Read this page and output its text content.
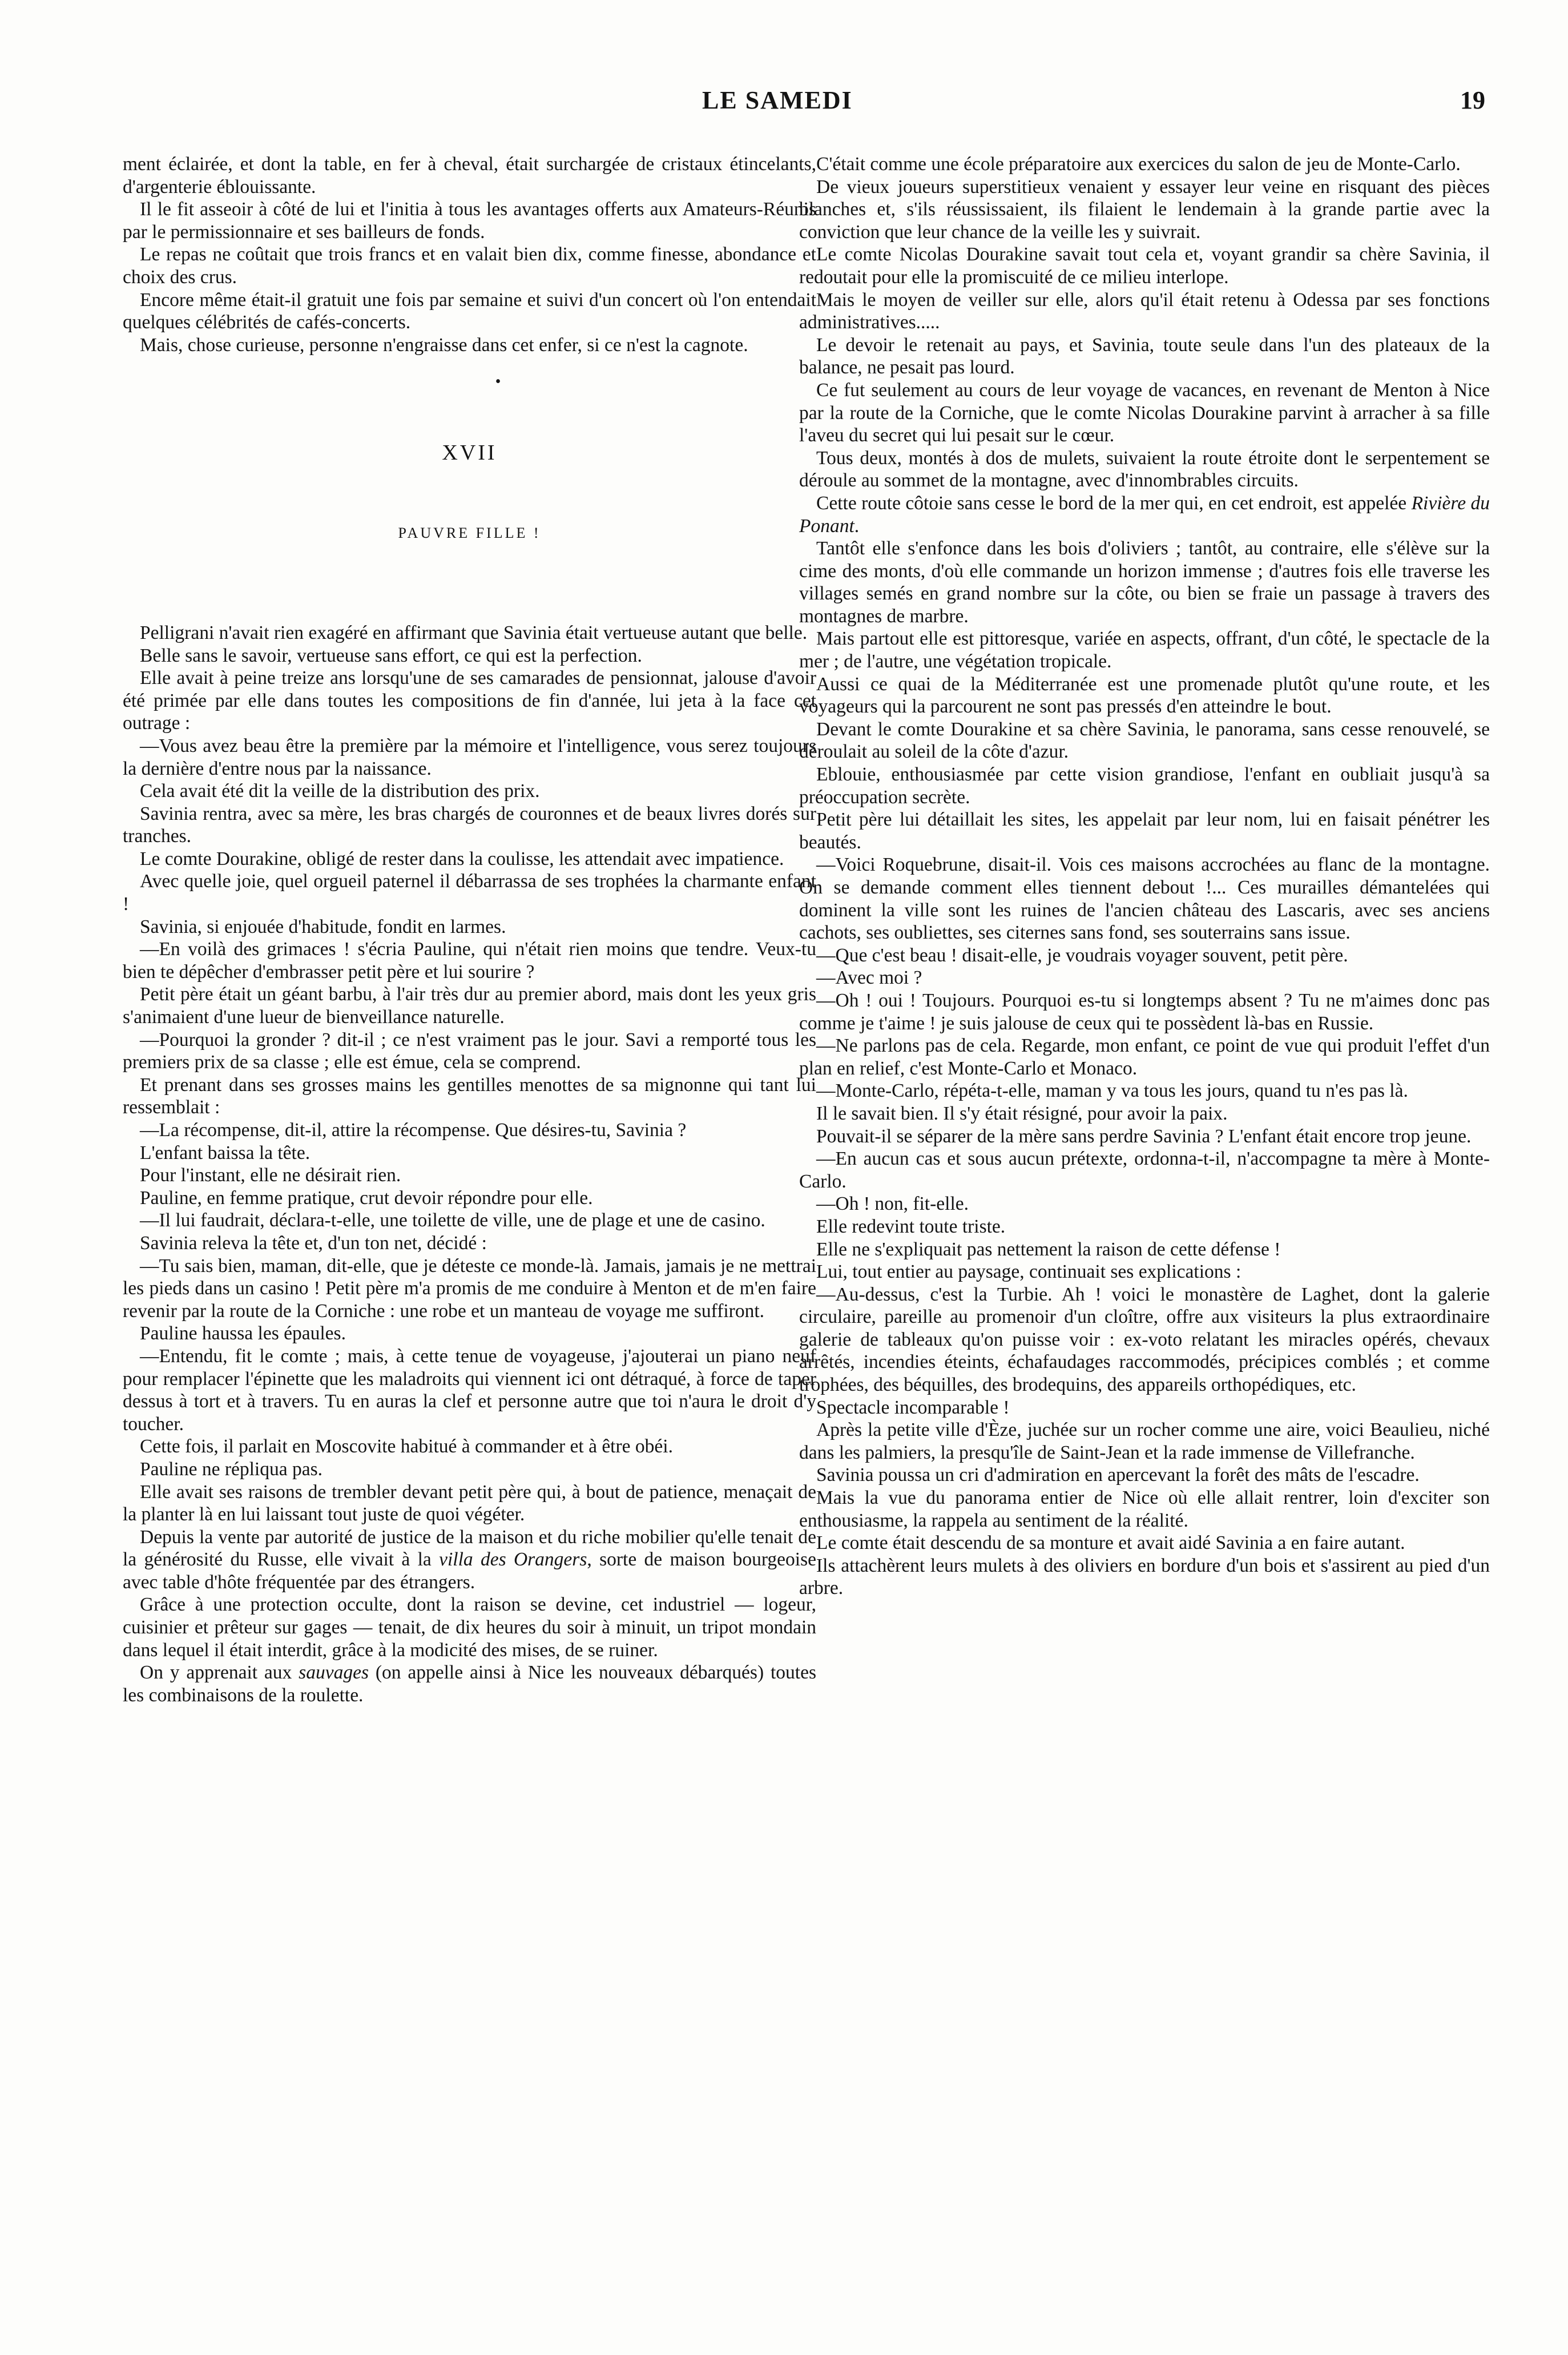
LE SAMEDI	19

ment éclairée, et dont la table, en fer à cheval, était surchargée de cristaux étincelants, d'argenterie éblouissante.

Il le fit asseoir à côté de lui et l'initia à tous les avantages offerts aux Amateurs-Réunis par le permissionnaire et ses bailleurs de fonds.

Le repas ne coûtait que trois francs et en valait bien dix, comme finesse, abondance et choix des crus.

Encore même était-il gratuit une fois par semaine et suivi d'un concert où l'on entendait quelques célébrités de cafés-concerts.

Mais, chose curieuse, personne n'engraisse dans cet enfer, si ce n'est la cagnote.

•
XVII
PAUVRE FILLE !

Pelligrani n'avait rien exagéré en affirmant que Savinia était vertueuse autant que belle.

Belle sans le savoir, vertueuse sans effort, ce qui est la perfection.

Elle avait à peine treize ans lorsqu'une de ses camarades de pensionnat, jalouse d'avoir été primée par elle dans toutes les compositions de fin d'année, lui jeta à la face cet outrage :

—Vous avez beau être la première par la mémoire et l'intelligence, vous serez toujours la dernière d'entre nous par la naissance.

Cela avait été dit la veille de la distribution des prix.

Savinia rentra, avec sa mère, les bras chargés de couronnes et de beaux livres dorés sur tranches.

Le comte Dourakine, obligé de rester dans la coulisse, les attendait avec impatience.

Avec quelle joie, quel orgueil paternel il débarrassa de ses trophées la charmante enfant !

Savinia, si enjouée d'habitude, fondit en larmes.

—En voilà des grimaces ! s'écria Pauline, qui n'était rien moins que tendre. Veux-tu bien te dépêcher d'embrasser petit père et lui sourire ?

Petit père était un géant barbu, à l'air très dur au premier abord, mais dont les yeux gris s'animaient d'une lueur de bienveillance naturelle.

—Pourquoi la gronder ? dit-il ; ce n'est vraiment pas le jour. Savi a remporté tous les premiers prix de sa classe ; elle est émue, cela se comprend.

Et prenant dans ses grosses mains les gentilles menottes de sa mignonne qui tant lui ressemblait :

—La récompense, dit-il, attire la récompense. Que désires-tu, Savinia ?

L'enfant baissa la tête.

Pour l'instant, elle ne désirait rien.

Pauline, en femme pratique, crut devoir répondre pour elle.

—Il lui faudrait, déclara-t-elle, une toilette de ville, une de plage et une de casino.

Savinia releva la tête et, d'un ton net, décidé :

—Tu sais bien, maman, dit-elle, que je déteste ce monde-là. Jamais, jamais je ne mettrai les pieds dans un casino ! Petit père m'a promis de me conduire à Menton et de m'en faire revenir par la route de la Corniche : une robe et un manteau de voyage me suffiront.

Pauline haussa les épaules.

—Entendu, fit le comte ; mais, à cette tenue de voyageuse, j'ajouterai un piano neuf pour remplacer l'épinette que les maladroits qui viennent ici ont détraqué, à force de taper dessus à tort et à travers. Tu en auras la clef et personne autre que toi n'aura le droit d'y toucher.

Cette fois, il parlait en Moscovite habitué à commander et à être obéi.

Pauline ne répliqua pas.

Elle avait ses raisons de trembler devant petit père qui, à bout de patience, menaçait de la planter là en lui laissant tout juste de quoi végéter.

Depuis la vente par autorité de justice de la maison et du riche mobilier qu'elle tenait de la générosité du Russe, elle vivait à la villa des Orangers, sorte de maison bourgeoise avec table d'hôte fréquentée par des étrangers.

Grâce à une protection occulte, dont la raison se devine, cet industriel — logeur, cuisinier et prêteur sur gages — tenait, de dix heures du soir à minuit, un tripot mondain dans lequel il était interdit, grâce à la modicité des mises, de se ruiner.

On y apprenait aux sauvages (on appelle ainsi à Nice les nouveaux débarqués) toutes les combinaisons de la roulette.

C'était comme une école préparatoire aux exercices du salon de jeu de Monte-Carlo.

De vieux joueurs superstitieux venaient y essayer leur veine en risquant des pièces blanches et, s'ils réussissaient, ils filaient le lendemain à la grande partie avec la conviction que leur chance de la veille les y suivrait.

Le comte Nicolas Dourakine savait tout cela et, voyant grandir sa chère Savinia, il redoutait pour elle la promiscuité de ce milieu interlope.

Mais le moyen de veiller sur elle, alors qu'il était retenu à Odessa par ses fonctions administratives.....

Le devoir le retenait au pays, et Savinia, toute seule dans l'un des plateaux de la balance, ne pesait pas lourd.

Ce fut seulement au cours de leur voyage de vacances, en revenant de Menton à Nice par la route de la Corniche, que le comte Nicolas Dourakine parvint à arracher à sa fille l'aveu du secret qui lui pesait sur le cœur.

Tous deux, montés à dos de mulets, suivaient la route étroite dont le serpentement se déroule au sommet de la montagne, avec d'innombrables circuits.

Cette route côtoie sans cesse le bord de la mer qui, en cet endroit, est appelée Rivière du Ponant.

Tantôt elle s'enfonce dans les bois d'oliviers ; tantôt, au contraire, elle s'élève sur la cime des monts, d'où elle commande un horizon immense ; d'autres fois elle traverse les villages semés en grand nombre sur la côte, ou bien se fraie un passage à travers des montagnes de marbre.

Mais partout elle est pittoresque, variée en aspects, offrant, d'un côté, le spectacle de la mer ; de l'autre, une végétation tropicale.

Aussi ce quai de la Méditerranée est une promenade plutôt qu'une route, et les voyageurs qui la parcourent ne sont pas pressés d'en atteindre le bout.

Devant le comte Dourakine et sa chère Savinia, le panorama, sans cesse renouvelé, se déroulait au soleil de la côte d'azur.

Eblouie, enthousiasmée par cette vision grandiose, l'enfant en oubliait jusqu'à sa préoccupation secrète.

Petit père lui détaillait les sites, les appelait par leur nom, lui en faisait pénétrer les beautés.

—Voici Roquebrune, disait-il. Vois ces maisons accrochées au flanc de la montagne. On se demande comment elles tiennent debout !... Ces murailles démantelées qui dominent la ville sont les ruines de l'ancien château des Lascaris, avec ses anciens cachots, ses oubliettes, ses citernes sans fond, ses souterrains sans issue.

—Que c'est beau ! disait-elle, je voudrais voyager souvent, petit père.

—Avec moi ?

—Oh ! oui ! Toujours. Pourquoi es-tu si longtemps absent ? Tu ne m'aimes donc pas comme je t'aime ! je suis jalouse de ceux qui te possèdent là-bas en Russie.

—Ne parlons pas de cela. Regarde, mon enfant, ce point de vue qui produit l'effet d'un plan en relief, c'est Monte-Carlo et Monaco.

—Monte-Carlo, répéta-t-elle, maman y va tous les jours, quand tu n'es pas là.

Il le savait bien. Il s'y était résigné, pour avoir la paix.

Pouvait-il se séparer de la mère sans perdre Savinia ? L'enfant était encore trop jeune.

—En aucun cas et sous aucun prétexte, ordonna-t-il, n'accompagne ta mère à Monte-Carlo.

—Oh ! non, fit-elle.

Elle redevint toute triste.

Elle ne s'expliquait pas nettement la raison de cette défense !

Lui, tout entier au paysage, continuait ses explications :

—Au-dessus, c'est la Turbie. Ah ! voici le monastère de Laghet, dont la galerie circulaire, pareille au promenoir d'un cloître, offre aux visiteurs la plus extraordinaire galerie de tableaux qu'on puisse voir : ex-voto relatant les miracles opérés, chevaux arrêtés, incendies éteints, échafaudages raccommodés, précipices comblés ; et comme trophées, des béquilles, des brodequins, des appareils orthopédiques, etc.

Spectacle incomparable !

Après la petite ville d'Èze, juchée sur un rocher comme une aire, voici Beaulieu, niché dans les palmiers, la presqu'île de Saint-Jean et la rade immense de Villefranche.

Savinia poussa un cri d'admiration en apercevant la forêt des mâts de l'escadre.

Mais la vue du panorama entier de Nice où elle allait rentrer, loin d'exciter son enthousiasme, la rappela au sentiment de la réalité.

Le comte était descendu de sa monture et avait aidé Savinia a en faire autant.

Ils attachèrent leurs mulets à des oliviers en bordure d'un bois et s'assirent au pied d'un arbre.
